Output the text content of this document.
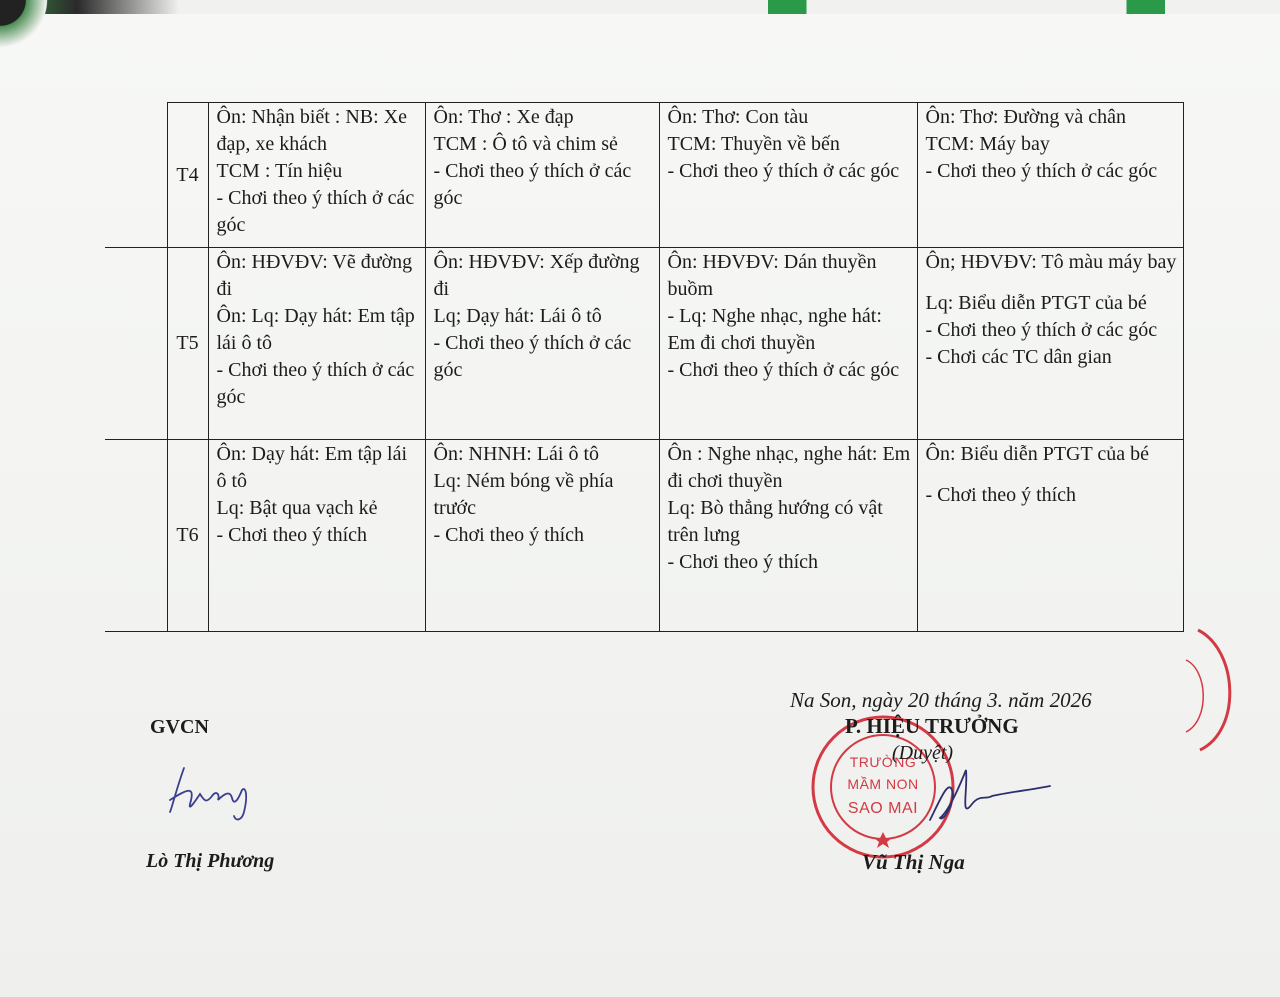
	T4	Ôn: Nhận biết : NB: Xe đạp, xe khách
TCM : Tín hiệu
- Chơi theo ý thích ở các góc	Ôn: Thơ : Xe đạp
TCM : Ô tô và chim sẻ
- Chơi theo ý thích ở các góc	Ôn: Thơ: Con tàu
TCM: Thuyền về bến
- Chơi theo ý thích ở các góc	Ôn: Thơ: Đường và chân
TCM: Máy bay
- Chơi theo ý thích ở các góc

	T5	Ôn: HĐVĐV: Vẽ đường đi
Ôn: Lq: Dạy hát: Em tập lái ô tô
- Chơi theo ý thích ở các góc	Ôn: HĐVĐV: Xếp đường đi
Lq; Dạy hát: Lái ô tô
- Chơi theo ý thích ở các góc	Ôn: HĐVĐV: Dán thuyền buồm
- Lq: Nghe nhạc, nghe hát: Em đi chơi thuyền
- Chơi theo ý thích ở các góc	Ôn; HĐVĐV: Tô màu máy bay
Lq: Biểu diễn PTGT của bé
- Chơi theo ý thích ở các góc
- Chơi các TC dân gian

	T6	Ôn: Dạy hát: Em tập lái ô tô
Lq: Bật qua vạch kẻ
- Chơi theo ý thích	Ôn: NHNH: Lái ô tô
Lq: Ném bóng về phía trước
- Chơi theo ý thích	Ôn : Nghe nhạc, nghe hát: Em đi chơi thuyền
Lq: Bò thẳng hướng có vật trên lưng
- Chơi theo ý thích	Ôn: Biểu diễn PTGT của bé
- Chơi theo ý thích
GVCN
Lò Thị Phương
Na Son, ngày 20 tháng 3. năm 2026
TRƯỜNG
MẦM NON
SAO MAI
P. HIỆU TRƯỞNG
(Duyệt)
Vũ Thị Nga
